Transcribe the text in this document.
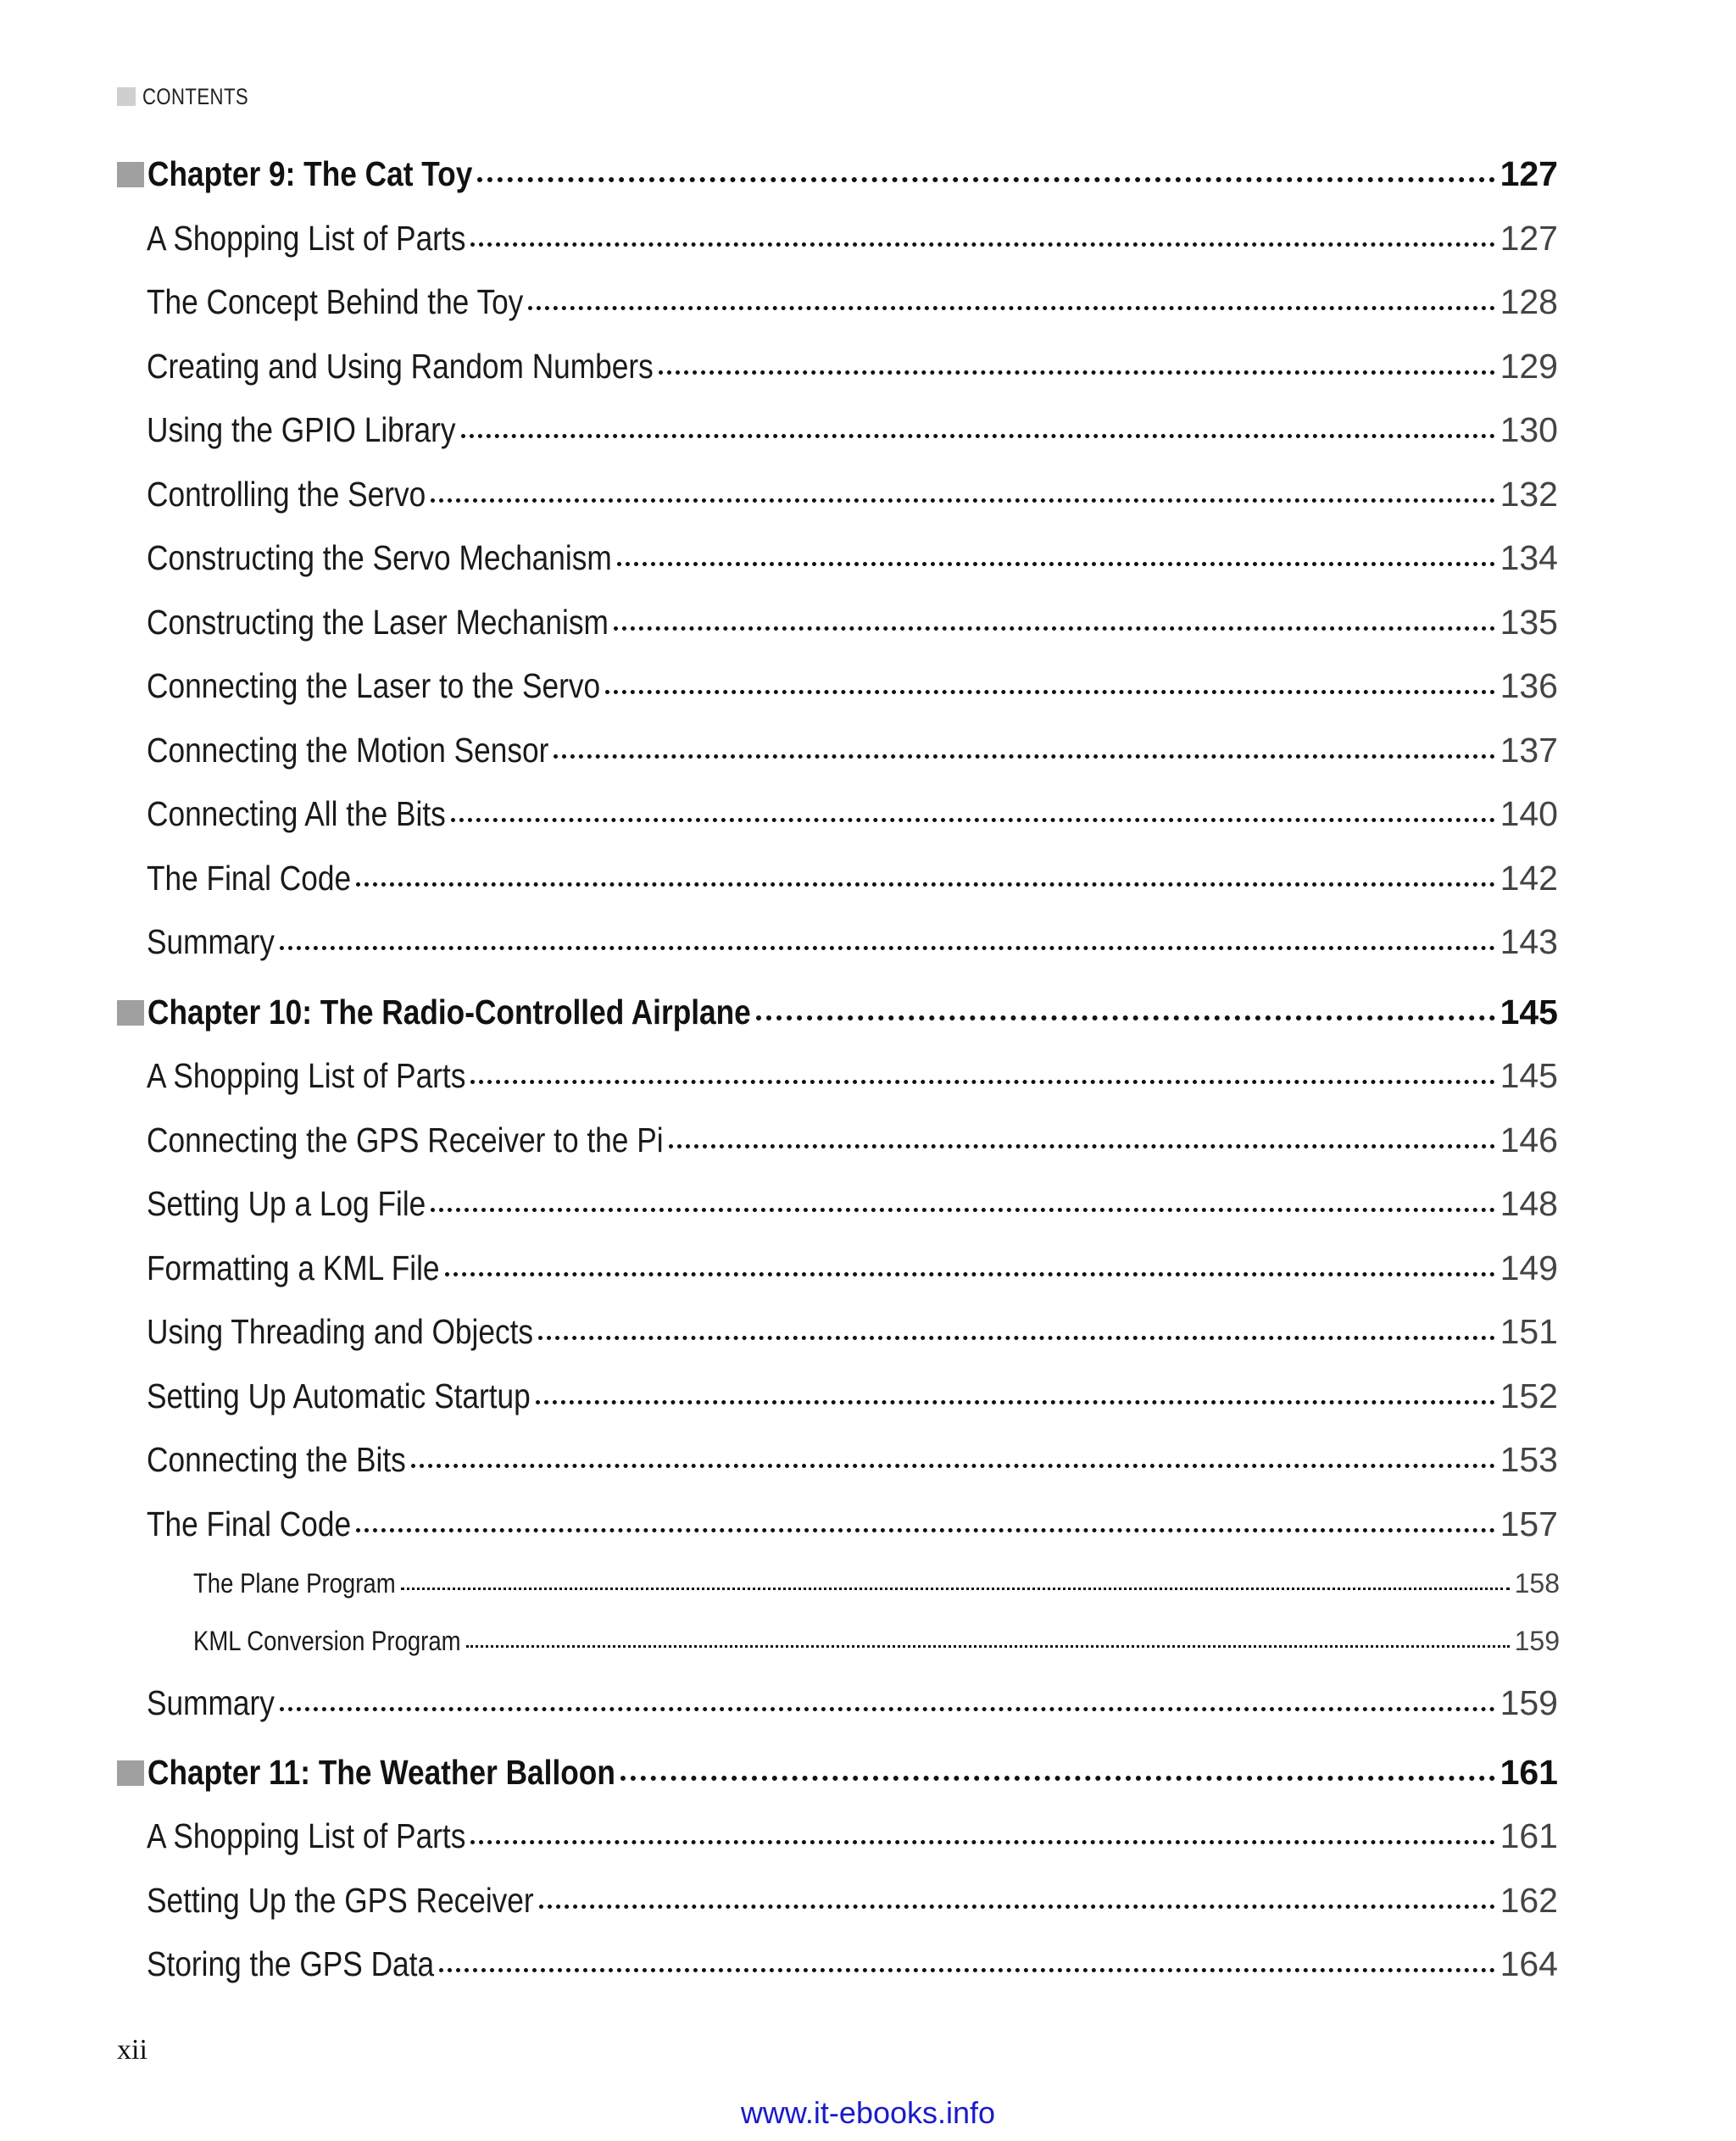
CONTENTS
Chapter 9: The Cat Toy	127
A Shopping List of Parts	127
The Concept Behind the Toy	128
Creating and Using Random Numbers	129
Using the GPIO Library	130
Controlling the Servo	132
Constructing the Servo Mechanism	134
Constructing the Laser Mechanism	135
Connecting the Laser to the Servo	136
Connecting the Motion Sensor	137
Connecting All the Bits	140
The Final Code	142
Summary	143
Chapter 10: The Radio-Controlled Airplane	145
A Shopping List of Parts	145
Connecting the GPS Receiver to the Pi	146
Setting Up a Log File	148
Formatting a KML File	149
Using Threading and Objects	151
Setting Up Automatic Startup	152
Connecting the Bits	153
The Final Code	157
The Plane Program	158
KML Conversion Program	159
Summary	159
Chapter 11: The Weather Balloon	161
A Shopping List of Parts	161
Setting Up the GPS Receiver	162
Storing the GPS Data	164
xii
www.it-ebooks.info
